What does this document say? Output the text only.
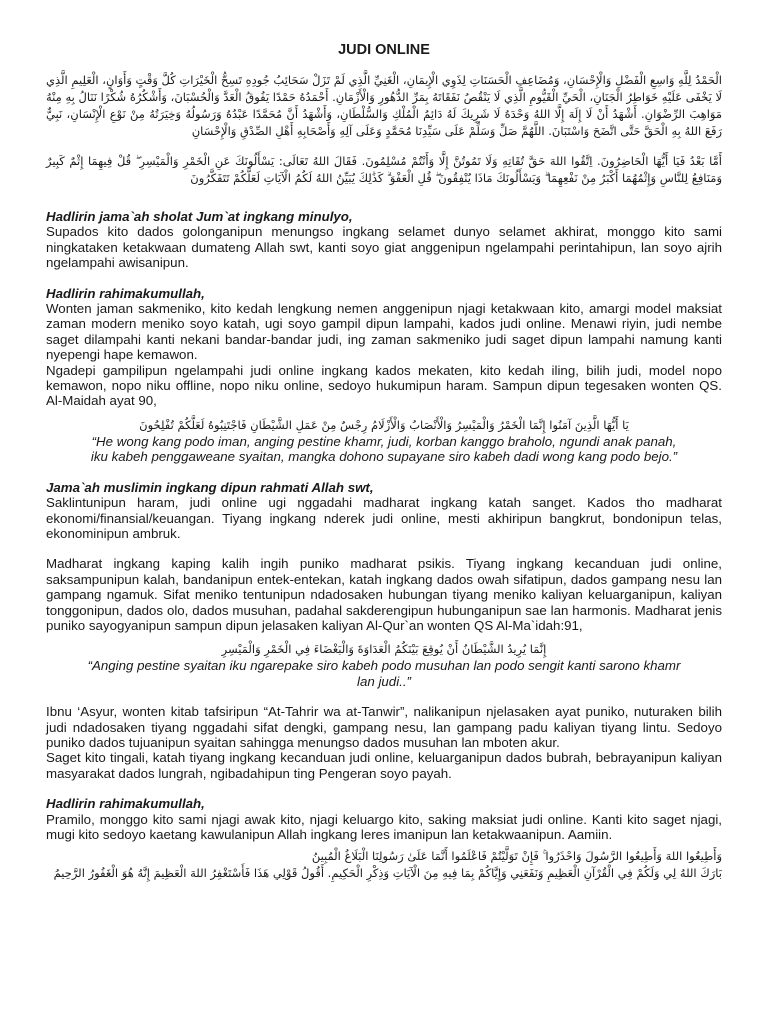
JUDI ONLINE

الْحَمْدُ لِلَّهِ وَاسِعِ الْفَضْلِ وَالْإِحْسَانِ، وَمُضَاعِفِ الْحَسَنَاتِ لِذَوِي الْإِيمَانِ، الْغَنِيِّ الَّذِي لَمْ تَزَلْ سَحَائِبُ جُودِهِ تَسِحُّ الْخَيْرَاتِ كُلَّ وَقْتٍ وَأَوَانٍ، الْعَلِيمِ الَّذِي لَا يَخْفَى عَلَيْهِ خَوَاطِرُ الْجَنَانِ، الْحَيِّ الْقَيُّومِ الَّذِي لَا يَنْقُصُ نَفَقَاتَهُ بِمَرِّ الدُّهُورِ وَالْأَزْمَانِ. أَحْمَدُهُ حَمْدًا يَفُوقُ الْعَدَّ وَالْحُسْبَانَ، وَأَشْكُرُهُ شُكْرًا نَنَالُ بِهِ مِنْهُ مَوَاهِبَ الرِّضْوَانِ. أَشْهَدُ أَنْ لَا إِلَهَ إِلَّا اللهُ وَحْدَهُ لَا شَرِيكَ لَهُ دَائِمُ الْمُلْكِ وَالسُّلْطَانِ، وَأَشْهَدُ أَنَّ مُحَمَّدًا عَبْدُهُ وَرَسُولُهُ وَخِيَرَتُهُ مِنْ نَوْعِ الْإِنْسَانِ، نَبِيٌّ رَفَعَ اللهُ بِهِ الْحَقَّ حَتَّى اتَّضَحَ وَاسْتَبَانَ. اللَّهُمَّ صَلِّ وَسَلِّمْ عَلَى سَيِّدِنَا مُحَمَّدٍ وَعَلَى آلِهِ وَأَصْحَابِهِ أَهْلِ الصِّدْقِ وَالْإِحْسَانِ

أَمَّا بَعْدُ فَيَا أَيُّهَا الْحَاضِرُونَ. اِتَّقُوا اللهَ حَقَّ تُقَاتِهِ وَلَا تَمُوتُنَّ إِلَّا وَأَنْتُمْ مُسْلِمُونَ. فَقَالَ اللهُ تَعَالَى: يَسْأَلُونَكَ عَنِ الْخَمْرِ وَالْمَيْسِرِ ۖ قُلْ فِيهِمَا إِثْمٌ كَبِيرٌ وَمَنَافِعُ لِلنَّاسِ وَإِثْمُهُمَا أَكْبَرُ مِنْ نَفْعِهِمَا ۗ وَيَسْأَلُونَكَ مَاذَا يُنْفِقُونَ ۖ قُلِ الْعَفْوَ ۗ كَذَٰلِكَ يُبَيِّنُ اللهُ لَكُمُ الْآيَاتِ لَعَلَّكُمْ تَتَفَكَّرُونَ

Hadlirin jama`ah sholat Jum`at ingkang minulyo,

Supados kito dados golonganipun menungso ingkang selamet dunyo selamet akhirat, monggo kito sami ningkataken ketakwaan dumateng Allah swt, kanti soyo giat anggenipun ngelampahi perintahipun, lan soyo ajrih ngelampahi awisanipun.

Hadlirin rahimakumullah,

Wonten jaman sakmeniko, kito kedah lengkung nemen anggenipun njagi ketakwaan kito, amargi model maksiat zaman modern meniko soyo katah, ugi soyo gampil dipun lampahi, kados judi online. Menawi riyin, judi nembe saget dilampahi kanti nekani bandar-bandar judi, ing zaman sakmeniko judi saget dipun lampahi namung kanti nyepengi hape kemawon.

Ngadepi gampilipun ngelampahi judi online ingkang kados mekaten, kito kedah iling, bilih judi, model nopo kemawon, nopo niku offline, nopo niku online, sedoyo hukumipun haram. Sampun dipun tegesaken wonten QS. Al-Maidah ayat 90,

يَا أَيُّهَا الَّذِينَ آمَنُوا إِنَّمَا الْخَمْرُ وَالْمَيْسِرُ وَالْأَنْصَابُ وَالْأَزْلَامُ رِجْسٌ مِنْ عَمَلِ الشَّيْطَانِ فَاجْتَنِبُوهُ لَعَلَّكُمْ تُفْلِحُونَ

“He wong kang podo iman, anging pestine khamr, judi, korban kanggo braholo, ngundi anak panah, iku kabeh penggaweane syaitan, mangka dohono supayane siro kabeh dadi wong kang podo bejo.”

Jama`ah muslimin ingkang dipun rahmati Allah swt,

Saklintunipun haram, judi online ugi nggadahi madharat ingkang katah sanget. Kados tho madharat ekonomi/finansial/keuangan. Tiyang ingkang nderek judi online, mesti akhiripun bangkrut, bondonipun telas, ekonominipun ambruk.

Madharat ingkang kaping kalih ingih puniko madharat psikis. Tiyang ingkang kecanduan judi online, saksampunipun kalah, bandanipun entek-entekan, katah ingkang dados owah sifatipun, dados gampang nesu lan gampang ngamuk. Sifat meniko tentunipun ndadosaken hubungan tiyang meniko kaliyan keluarganipun, kaliyan tonggonipun, dados olo, dados musuhan, padahal sakderengipun hubunganipun sae lan harmonis. Madharat jenis puniko sayogyanipun sampun dipun jelasaken kaliyan Al-Qur`an wonten QS Al-Ma`idah:91,

إِنَّمَا يُرِيدُ الشَّيْطَانُ أَنْ يُوقِعَ بَيْنَكُمُ الْعَدَاوَةَ وَالْبَغْضَاءَ فِي الْخَمْرِ وَالْمَيْسِرِ

“Anging pestine syaitan iku ngarepake siro kabeh podo musuhan lan podo sengit kanti sarono khamr lan judi..”

Ibnu ‘Asyur, wonten kitab tafsiripun “At-Tahrir wa at-Tanwir”, nalikanipun njelasaken ayat puniko, nuturaken bilih judi ndadosaken tiyang nggadahi sifat dengki, gampang nesu, lan gampang padu kaliyan tiyang lintu. Sedoyo puniko dados tujuanipun syaitan sahingga menungso dados musuhan lan mboten akur.

Saget kito tingali, katah tiyang ingkang kecanduan judi online, keluarganipun dados bubrah, bebrayanipun kaliyan masyarakat dados lungrah, ngibadahipun ting Pengeran soyo payah.

Hadlirin rahimakumullah,

Pramilo, monggo kito sami njagi awak kito, njagi keluargo kito, saking maksiat judi online. Kanti kito saget njagi, mugi kito sedoyo kaetang kawulanipun Allah ingkang leres imanipun lan ketakwaanipun. Aamiin.

وَأَطِيعُوا اللهَ وَأَطِيعُوا الرَّسُولَ وَاحْذَرُوا ۚ فَإِنْ تَوَلَّيْتُمْ فَاعْلَمُوا أَنَّمَا عَلَىٰ رَسُولِنَا الْبَلَاغُ الْمُبِينُ

بَارَكَ اللهُ لِي وَلَكُمْ فِي الْقُرْآنِ الْعَظِيمِ وَنَفَعَنِي وَإِيَّاكُمْ بِمَا فِيهِ مِنَ الْآيَاتِ وَذِكْرِ الْحَكِيمِ. أَقُولُ قَوْلِي هَذَا فَأَسْتَغْفِرُ اللهَ الْعَظِيمَ إِنَّهُ هُوَ الْغَفُورُ الرَّحِيمُ
